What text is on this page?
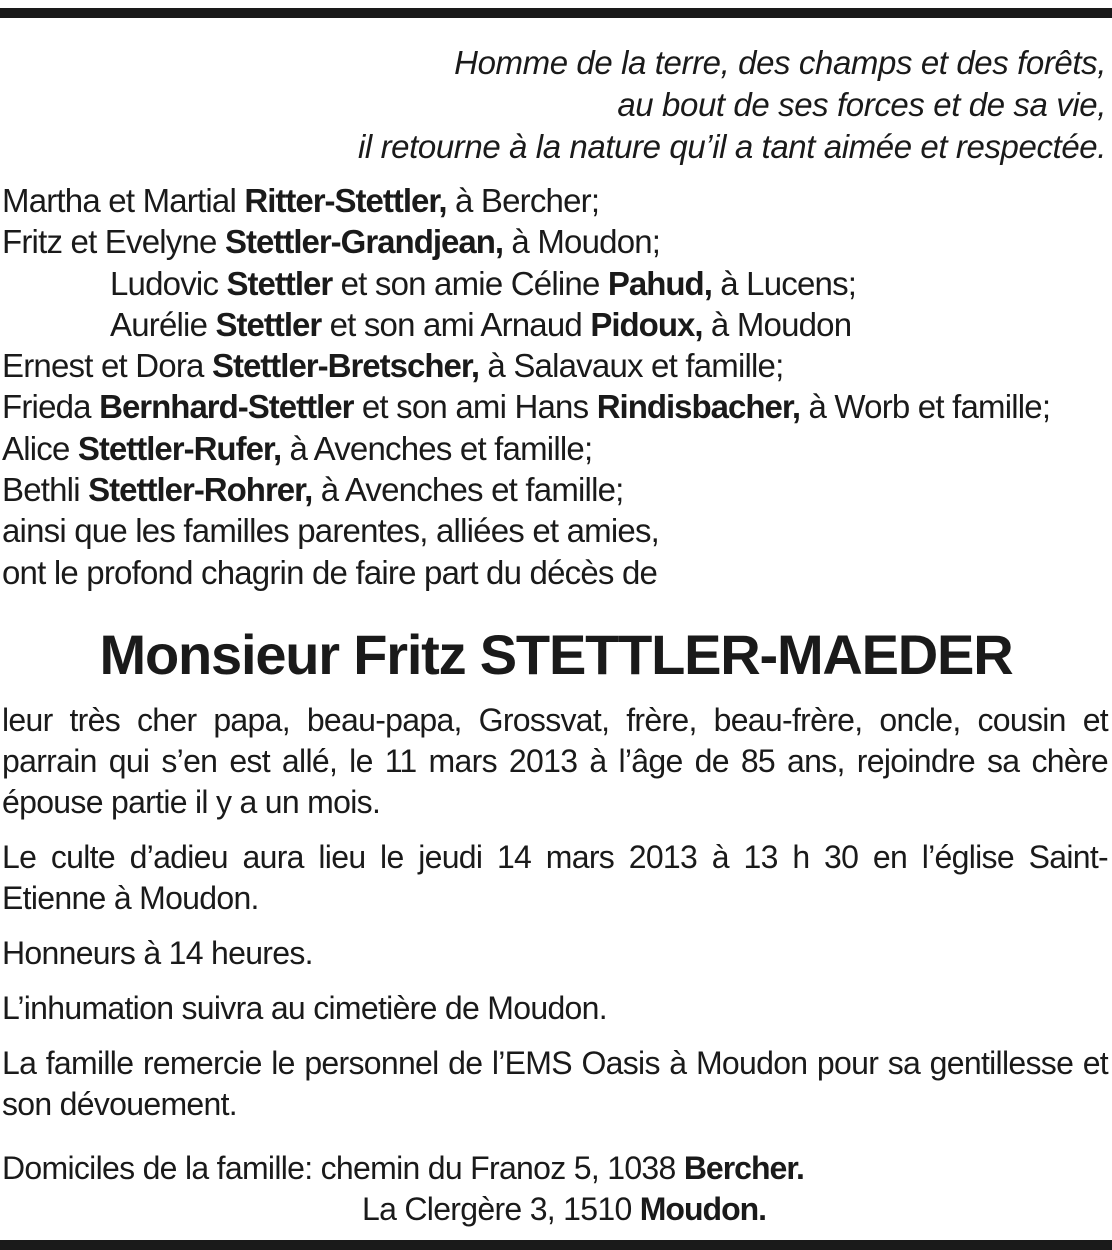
Homme de la terre, des champs et des forêts,
au bout de ses forces et de sa vie,
il retourne à la nature qu’il a tant aimée et respectée.
Martha et Martial Ritter-Stettler, à Bercher;
Fritz et Evelyne Stettler-Grandjean, à Moudon;
Ludovic Stettler et son amie Céline Pahud, à Lucens;
Aurélie Stettler et son ami Arnaud Pidoux, à Moudon
Ernest et Dora Stettler-Bretscher, à Salavaux et famille;
Frieda Bernhard-Stettler et son ami Hans Rindisbacher, à Worb et famille;
Alice Stettler-Rufer, à Avenches et famille;
Bethli Stettler-Rohrer, à Avenches et famille;
ainsi que les familles parentes, alliées et amies,
ont le profond chagrin de faire part du décès de
Monsieur Fritz STETTLER-MAEDER

leur très cher papa, beau-papa, Grossvat, frère, beau-frère, oncle, cousin et parrain qui s’en est allé, le 11 mars 2013 à l’âge de 85 ans, rejoindre sa chère épouse partie il y a un mois.

Le culte d’adieu aura lieu le jeudi 14 mars 2013 à 13 h 30 en l’église Saint-Etienne à Moudon.

Honneurs à 14 heures.

L’inhumation suivra au cimetière de Moudon.

La famille remercie le personnel de l’EMS Oasis à Moudon pour sa gentillesse et son dévouement.

Domiciles de la famille: chemin du Franoz 5, 1038 Bercher.
La Clergère 3, 1510 Moudon.
